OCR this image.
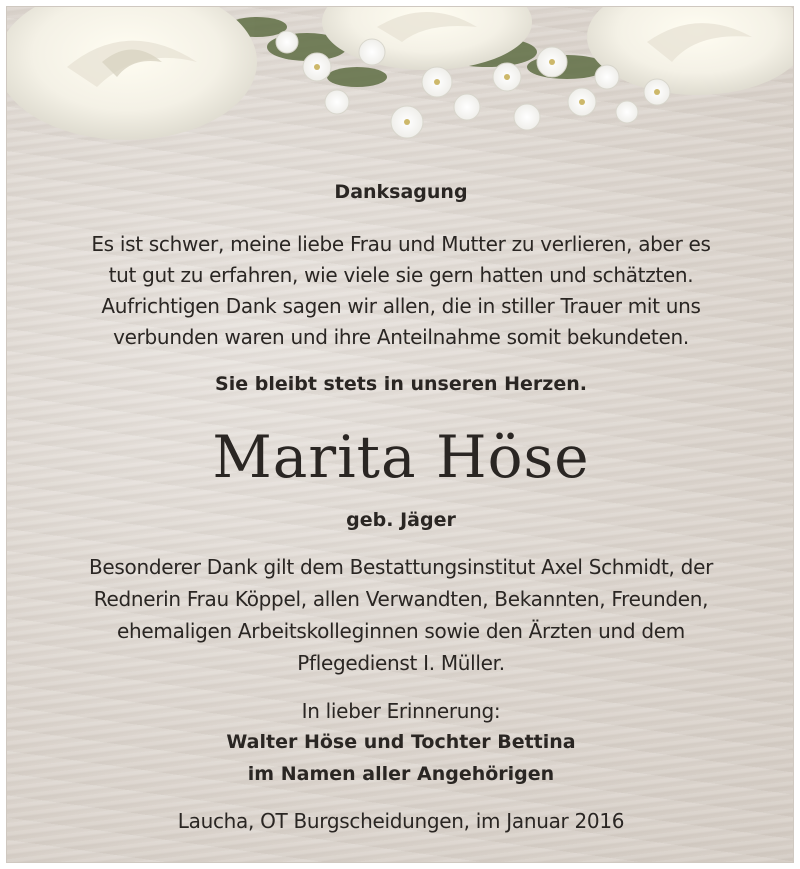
Danksagung
Es ist schwer, meine liebe Frau und Mutter zu verlieren, aber es
tut gut zu erfahren, wie viele sie gern hatten und schätzten.
Aufrichtigen Dank sagen wir allen, die in stiller Trauer mit uns
verbunden waren und ihre Anteilnahme somit bekundeten.
Sie bleibt stets in unseren Herzen.
Marita Höse
geb. Jäger
Besonderer Dank gilt dem Bestattungsinstitut Axel Schmidt, der
Rednerin Frau Köppel, allen Verwandten, Bekannten, Freunden,
ehemaligen Arbeitskolleginnen sowie den Ärzten und dem
Pflegedienst I. Müller.
In lieber Erinnerung:
Walter Höse und Tochter Bettina
im Namen aller Angehörigen
Laucha, OT Burgscheidungen, im Januar 2016
